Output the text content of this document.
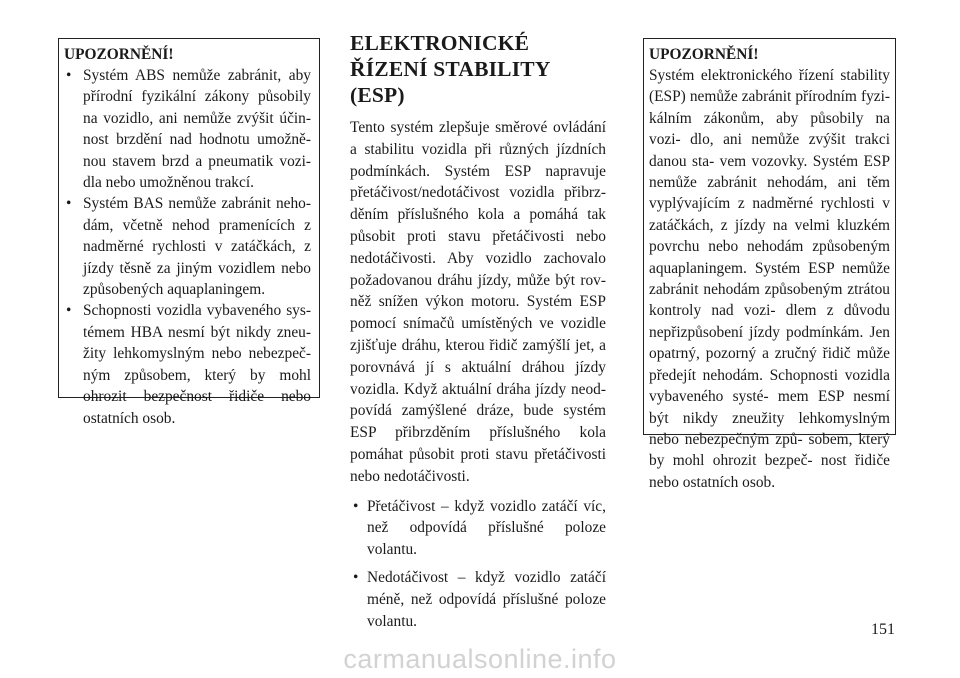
UPOZORNĚNÍ!
• Systém ABS nemůže zabránit, aby přírodní fyzikální zákony působily na vozidlo, ani nemůže zvýšit účin- nost brzdění nad hodnotu umožně- nou stavem brzd a pneumatik vozi- dla nebo umožněnou trakcí.
• Systém BAS nemůže zabránit neho- dám, včetně nehod pramenících z nadměrné rychlosti v zatáčkách, z jízdy těsně za jiným vozidlem nebo způsobených aquaplaningem.
• Schopnosti vozidla vybaveného sys- témem HBA nesmí být nikdy zneu- žity lehkomyslným nebo nebezpeč- ným způsobem, který by mohl ohrozit bezpečnost řidiče nebo ostatních osob.
ELEKTRONICKÉ ŘÍZENÍ STABILITY (ESP)

Tento systém zlepšuje směrové ovládání a stabilitu vozidla při různých jízdních podmínkách. Systém ESP napravuje přetáčivost/nedotáčivost vozidla přibrz- děním příslušného kola a pomáhá tak působit proti stavu přetáčivosti nebo nedotáčivosti. Aby vozidlo zachovalo požadovanou dráhu jízdy, může být rov- něž snížen výkon motoru. Systém ESP pomocí snímačů umístěných ve vozidle zjišťuje dráhu, kterou řidič zamýšlí jet, a porovnává jí s aktuální dráhou jízdy vozidla. Když aktuální dráha jízdy neod- povídá zamýšlené dráze, bude systém ESP přibrzděním příslušného kola pomáhat působit proti stavu přetáčivosti nebo nedotáčivosti.

• Přetáčivost – když vozidlo zatáčí víc, než odpovídá příslušné poloze volantu.
• Nedotáčivost – když vozidlo zatáčí méně, než odpovídá příslušné poloze volantu.
UPOZORNĚNÍ!
Systém elektronického řízení stability (ESP) nemůže zabránit přírodním fyzi- kálním zákonům, aby působily na vozi- dlo, ani nemůže zvýšit trakci danou sta- vem vozovky. Systém ESP nemůže zabránit nehodám, ani těm vyplývajícím z nadměrné rychlosti v zatáčkách, z jízdy na velmi kluzkém povrchu nebo nehodám způsobeným aquaplaningem. Systém ESP nemůže zabránit nehodám způsobeným ztrátou kontroly nad vozi- dlem z důvodu nepřizpůsobení jízdy podmínkám. Jen opatrný, pozorný a zručný řidič může předejít nehodám. Schopnosti vozidla vybaveného systé- mem ESP nesmí být nikdy zneužity lehkomyslným nebo nebezpečným způ- sobem, který by mohl ohrozit bezpeč- nost řidiče nebo ostatních osob.
151
carmanualsonline.info
